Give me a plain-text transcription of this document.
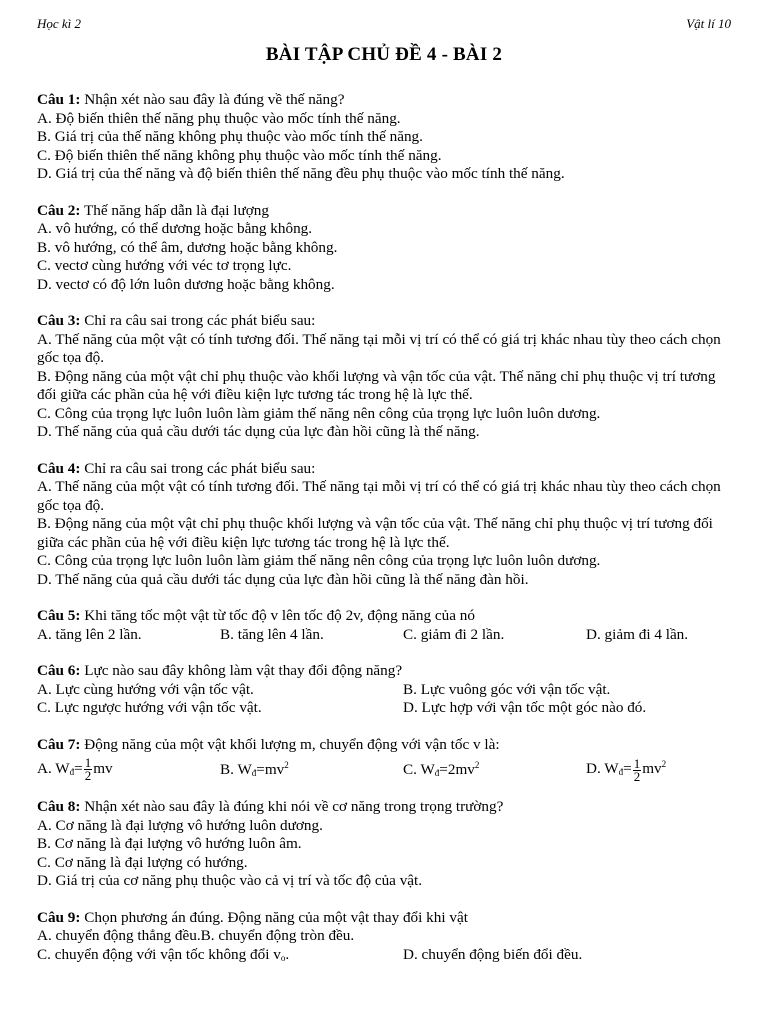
Học kì 2	Vật lí 10
BÀI TẬP CHỦ ĐỀ 4 - BÀI 2
Câu 1: Nhận xét nào sau đây là đúng về thế năng?
A. Độ biến thiên thế năng phụ thuộc vào mốc tính thế năng.
B. Giá trị của thế năng không phụ thuộc vào mốc tính thế năng.
C. Độ biến thiên thế năng không phụ thuộc vào mốc tính thế năng.
D. Giá trị của thế năng và độ biến thiên thế năng đều phụ thuộc vào mốc tính thế năng.
Câu 2: Thế năng hấp dẫn là đại lượng
A. vô hướng, có thể dương hoặc bằng không.
B. vô hướng, có thể âm, dương hoặc bằng không.
C. vectơ cùng hướng với véc tơ trọng lực.
D. vectơ có độ lớn luôn dương hoặc bằng không.
Câu 3: Chỉ ra câu sai trong các phát biểu sau:
A. Thế năng của một vật có tính tương đối. Thế năng tại mỗi vị trí có thể có giá trị khác nhau tùy theo cách chọn gốc tọa độ.
B. Động năng của một vật chỉ phụ thuộc vào khối lượng và vận tốc của vật. Thế năng chỉ phụ thuộc vị trí tương đối giữa các phần của hệ với điều kiện lực tương tác trong hệ là lực thế.
C. Công của trọng lực luôn luôn làm giảm thế năng nên công của trọng lực luôn luôn dương.
D. Thế năng của quả cầu dưới tác dụng của lực đàn hồi cũng là thế năng.
Câu 4: Chỉ ra câu sai trong các phát biểu sau:
A. Thế năng của một vật có tính tương đối. Thế năng tại mỗi vị trí có thể có giá trị khác nhau tùy theo cách chọn gốc tọa độ.
B. Động năng của một vật chỉ phụ thuộc khối lượng và vận tốc của vật. Thế năng chỉ phụ thuộc vị trí tương đối giữa các phần của hệ với điều kiện lực tương tác trong hệ là lực thế.
C. Công của trọng lực luôn luôn làm giảm thế năng nên công của trọng lực luôn luôn dương.
D. Thế năng của quả cầu dưới tác dụng của lực đàn hồi cũng là thế năng đàn hồi.
Câu 5: Khi tăng tốc một vật từ tốc độ v lên tốc độ 2v, động năng của nó
A. tăng lên 2 lần.	B. tăng lên 4 lần.	C. giảm đi 2 lần.	D. giảm đi 4 lần.
Câu 6: Lực nào sau đây không làm vật thay đổi động năng?
A. Lực cùng hướng với vận tốc vật.	B. Lực vuông góc với vận tốc vật.
C. Lực ngược hướng với vận tốc vật.	D. Lực hợp với vận tốc một góc nào đó.
Câu 7: Động năng của một vật khối lượng m, chuyển động với vận tốc v là:
A. $W_đ= \frac{1}{2}$ mv	B. $W_đ=mv^2$	C. $W_đ=2mv^2$	D. $W_đ= \frac{1}{2} mv^2$
Câu 8: Nhận xét nào sau đây là đúng khi nói về cơ năng trong trọng trường?
A. Cơ năng là đại lượng vô hướng luôn dương.
B. Cơ năng là đại lượng vô hướng luôn âm.
C. Cơ năng là đại lượng có hướng.
D. Giá trị của cơ năng phụ thuộc vào cả vị trí và tốc độ của vật.
Câu 9: Chọn phương án đúng. Động năng của một vật thay đổi khi vật
A. chuyển động thẳng đều.B. chuyển động tròn đều.
C. chuyển động với vận tốc không đổi $v_o$.	D. chuyển động biến đổi đều.
